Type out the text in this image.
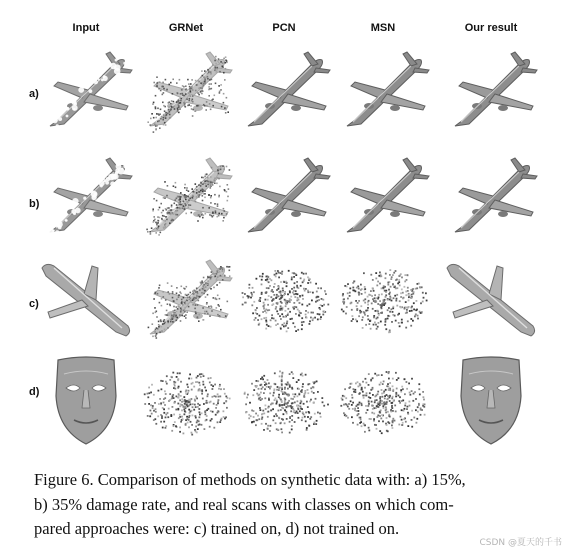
Input	GRNet	PCN	MSN	Our result
a)
b)
c)
d)
Figure 6. Comparison of methods on synthetic data with: a) 15%,
b) 35% damage rate, and real scans with classes on which com-
pared approaches were: c) trained on, d) not trained on.
CSDN @夏天的千书
